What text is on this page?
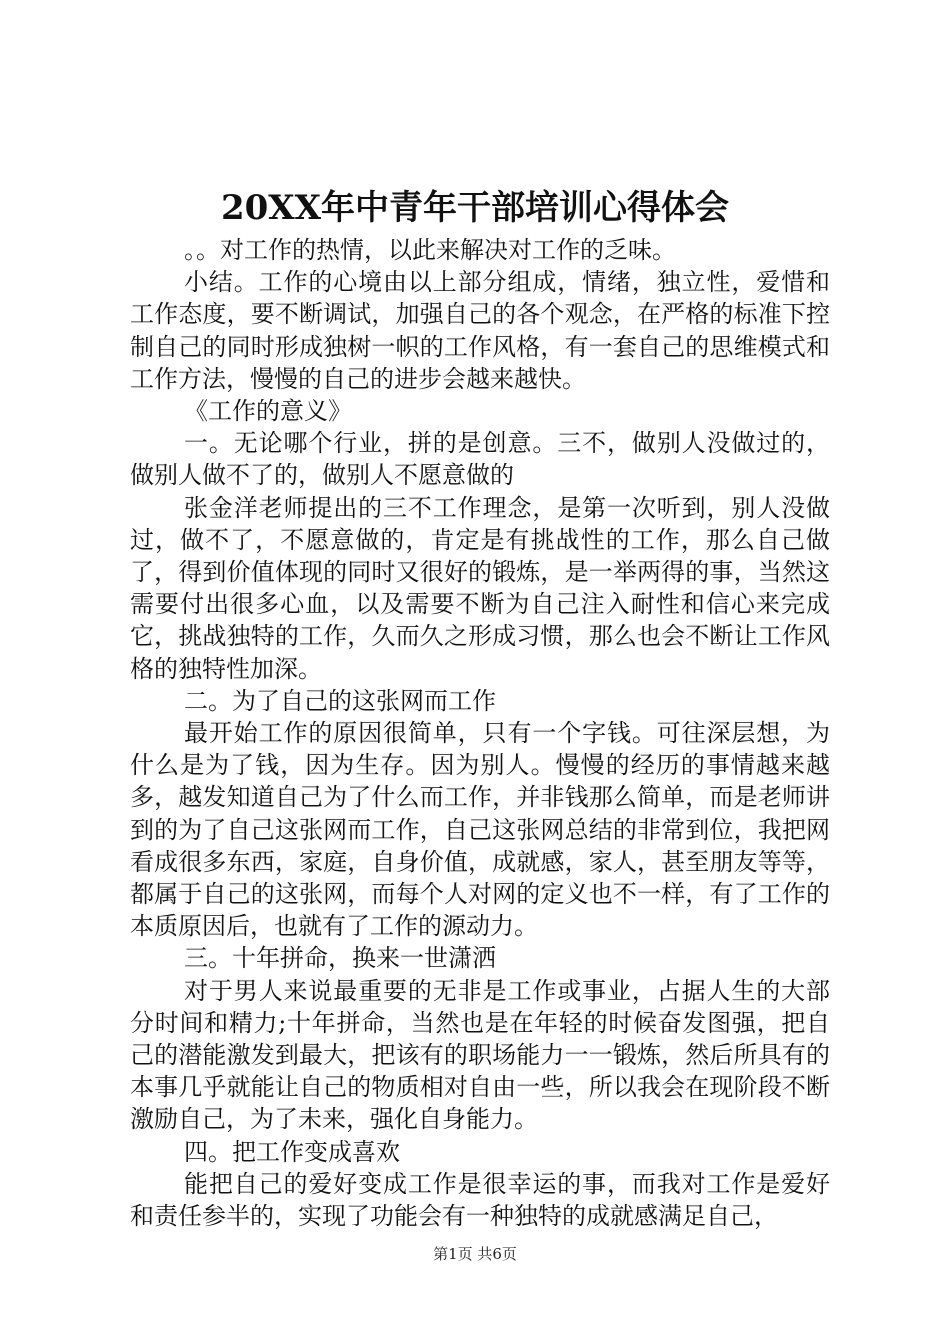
20XX年中青年干部培训心得体会

。。对工作的热情，以此来解决对工作的乏味。

小结。工作的心境由以上部分组成，情绪，独立性，爱惜和工作态度，要不断调试，加强自己的各个观念，在严格的标准下控制自己的同时形成独树一帜的工作风格，有一套自己的思维模式和工作方法，慢慢的自己的进步会越来越快。

《工作的意义》

一。无论哪个行业，拼的是创意。三不，做别人没做过的，做别人做不了的，做别人不愿意做的

张金洋老师提出的三不工作理念，是第一次听到，别人没做过，做不了，不愿意做的，肯定是有挑战性的工作，那么自己做了，得到价值体现的同时又很好的锻炼，是一举两得的事，当然这需要付出很多心血，以及需要不断为自己注入耐性和信心来完成它，挑战独特的工作，久而久之形成习惯，那么也会不断让工作风格的独特性加深。

二。为了自己的这张网而工作

最开始工作的原因很简单，只有一个字钱。可往深层想，为什么是为了钱，因为生存。因为别人。慢慢的经历的事情越来越多，越发知道自己为了什么而工作，并非钱那么简单，而是老师讲到的为了自己这张网而工作，自己这张网总结的非常到位，我把网看成很多东西，家庭，自身价值，成就感，家人，甚至朋友等等，都属于自己的这张网，而每个人对网的定义也不一样，有了工作的本质原因后，也就有了工作的源动力。

三。十年拼命，换来一世潇洒

对于男人来说最重要的无非是工作或事业，占据人生的大部分时间和精力;十年拼命，当然也是在年轻的时候奋发图强，把自己的潜能激发到最大，把该有的职场能力一一锻炼，然后所具有的本事几乎就能让自己的物质相对自由一些，所以我会在现阶段不断激励自己，为了未来，强化自身能力。

四。把工作变成喜欢

能把自己的爱好变成工作是很幸运的事，而我对工作是爱好和责任参半的，实现了功能会有一种独特的成就感满足自己，

第1页 共6页
